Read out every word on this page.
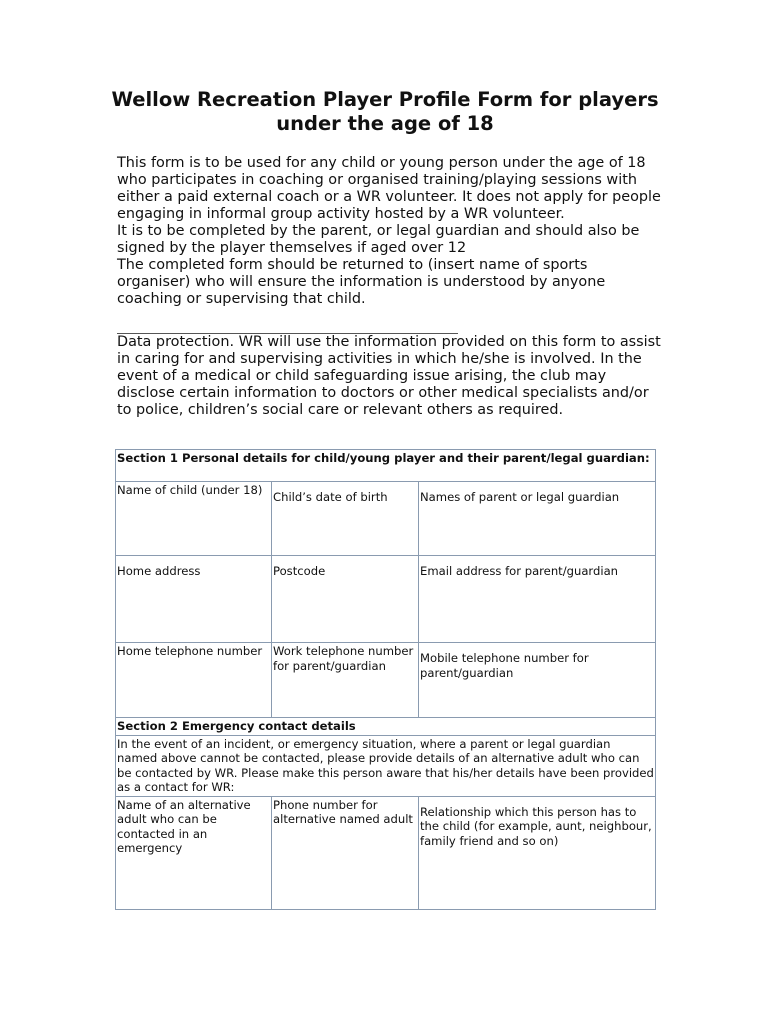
Wellow Recreation Player Profile Form for players under the age of 18

This form is to be used for any child or young person under the age of 18 who participates in coaching or organised training/playing sessions with either a paid external coach or a WR volunteer. It does not apply for people engaging in informal group activity hosted by a WR volunteer.

It is to be completed by the parent, or legal guardian and should also be signed by the player themselves if aged over 12

The completed form should be returned to (insert name of sports organiser) who will ensure the information is understood by anyone coaching or supervising that child.

Data protection. WR will use the information provided on this form to assist in caring for and supervising activities in which he/she is involved. In the event of a medical or child safeguarding issue arising, the club may disclose certain information to doctors or other medical specialists and/or to police, children’s social care or relevant others as required.

Section 1 Personal details for child/young player and their parent/legal guardian:		
Name of child (under 18)	Child’s date of birth	Names of parent or legal guardian
Home address	Postcode	Email address for parent/guardian
Home telephone number	Work telephone number for parent/guardian	Mobile telephone number for parent/guardian
Section 2 Emergency contact details		
In the event of an incident, or emergency situation, where a parent or legal guardian named above cannot be contacted, please provide details of an alternative adult who can be contacted by WR. Please make this person aware that his/her details have been provided as a contact for WR:		
Name of an alternative adult who can be contacted in an emergency	Phone number for alternative named adult	Relationship which this person has to the child (for example, aunt, neighbour, family friend and so on)
